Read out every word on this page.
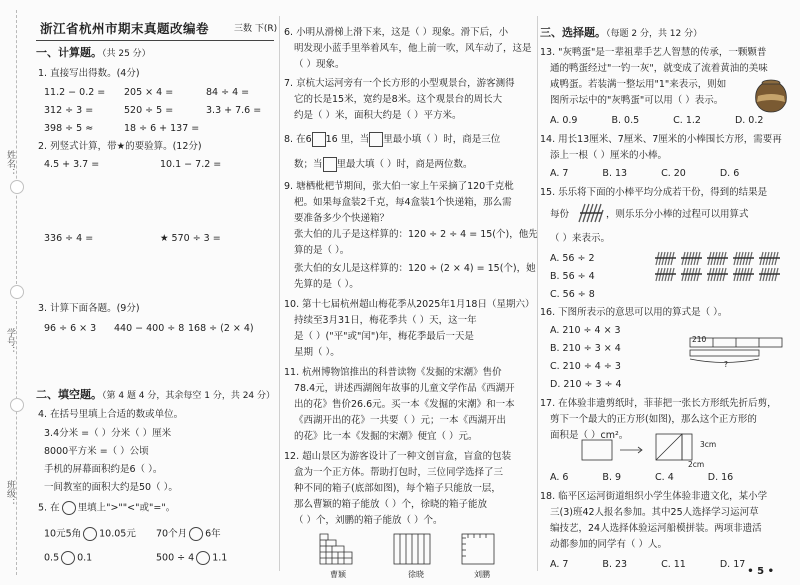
姓名：
学号：
班级：
浙江省杭州市期末真题改编卷	三数 下(R)
一、计算题。（共 25 分）
1. 直接写出得数。(4分)
11.2 − 0.2 = 205 × 4 =	84 ÷ 4 =
312 ÷ 3 =	520 ÷ 5 =	3.3 + 7.6 =
398 ÷ 5 ≈	18 ÷ 6 + 137 =
2. 列竖式计算，带★的要验算。(12分)
4.5 + 3.7 =	10.1 − 7.2 =
336 ÷ 4 =	★ 570 ÷ 3 =
3. 计算下面各题。(9分)
96 ÷ 6 × 3 440 − 400 ÷ 8 168 ÷ (2 × 4)
二、填空题。（第 4 题 4 分，其余每空 1 分，共 24 分）
4. 在括号里填上合适的数或单位。
3.4分米 =（ ）分米（ ）厘米
8000平方米 =（ ）公顷
手机的屏幕面积约是6（ ）。
一间教室的面积大约是50（ ）。
5. 在 里填上">""<"或"="。
10元5角 10.05元 70个月 6年
0.5 0.1	500 ÷ 4 1.1
6. 小明从滑梯上滑下来，这是（ ）现象。滑下后，小
明发现小蓝手里举着风车，他上前一吹，风车动了，这是
（ ）现象。
7. 京杭大运河旁有一个长方形的小型观景台，游客测得
它的长是15米，宽约是8米。这个观景台的周长大
约是（ ）米，面积大约是（ ）平方米。
8. 在6 16 里，当 里最小填（ ）时，商是三位
数；当 里最大填（ ）时，商是两位数。
9. 塘栖枇杷节期间，张大伯一家上午采摘了120千克枇
杷。如果每盒装2千克，每4盒装1个快递箱，那么需
要准备多少个快递箱？
张大伯的儿子是这样算的：120 ÷ 2 ÷ 4 = 15(个)，他先
算的是（ ）。
张大伯的女儿是这样算的：120 ÷ (2 × 4) = 15(个)，她
先算的是（ ）。
10. 第十七届杭州超山梅花季从2025年1月18日（星期六）
持续至3月31日，梅花季共（ ）天，这一年
是（ ）("平"或"闰")年，梅花季最后一天是
星期（ ）。
11. 杭州博物馆推出的科普读物《发掘的宋潮》售价
78.4元，讲述西湖阁年故事的儿童文学作品《西湖开
出的花》售价26.6元。买一本《发掘的宋潮》和一本
《西湖开出的花》一共要（ ）元；一本《西湖开出
的花》比一本《发掘的宋潮》便宜（ ）元。
12. 超山景区为游客设计了一种文创盲盒，盲盒的包装
盒为一个正方体。帮助打包时，三位同学选择了三
种不同的箱子(底部如图)，每个箱子只能放一层，
那么曹颖的箱子能放（ ）个，徐晓的箱子能放
（ ）个，刘鹏的箱子能放（ ）个。
曹颖	徐晓	刘鹏
三、选择题。（每题 2 分，共 12 分）
13. "灰鸭蛋"是一辈祖辈手艺人智慧的传承，一颗颗普
通的鸭蛋经过"一钓一灰"，就变成了流着黄油的美味
咸鸭蛋。若装满一整坛用"1"来表示，则如
图所示坛中的"灰鸭蛋"可以用（ ）表示。
A. 0.9	B. 0.5	C. 1.2	D. 0.2
14. 用长13厘米、7厘米、7厘米的小棒围长方形，需要再
添上一根（ ）厘米的小棒。
A. 7	B. 13	C. 20	D. 6
15. 乐乐将下面的小棒平均分成若干份，得到的结果是
每份	，则乐乐分小棒的过程可以用算式
（ ）来表示。
A. 56 ÷ 2
B. 56 ÷ 4
C. 56 ÷ 8
16. 下图所表示的意思可以用的算式是（ ）。
A. 210 ÷ 4 × 3
B. 210 ÷ 3 × 4
C. 210 ÷ 4 ÷ 3
D. 210 ÷ 3 ÷ 4
210
?
17. 在体验非遗剪纸时，菲菲把一张长方形纸先折后剪，
剪下一个最大的正方形(如图)，那么这个正方形的
面积是（ ）cm²。
3cm
2cm
A. 6	B. 9	C. 4	D. 16
18. 临平区运河街道组织小学生体验非遗文化，某小学
三(3)班42人报名参加。其中25人选择学习运河草
编技艺，24人选择体验运河船模拼装。两项非遗活
动都参加的同学有（ ）人。
A. 7	B. 23	C. 11	D. 17
• 5 •
